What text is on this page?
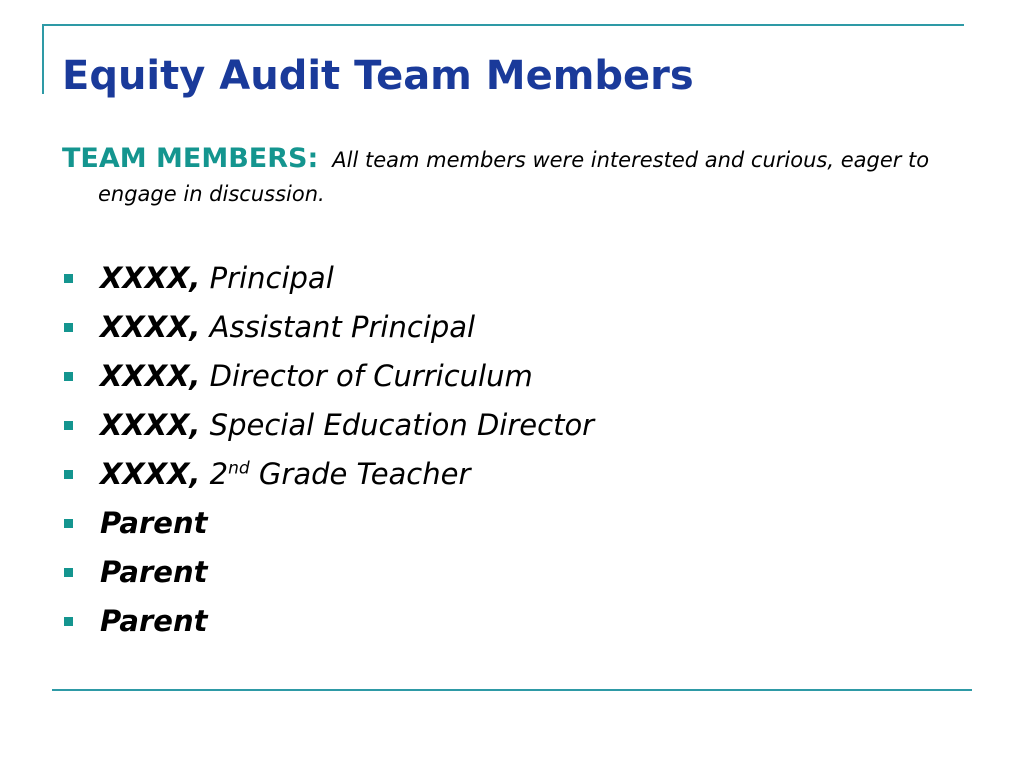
Equity Audit Team Members

TEAM MEMBERS: All team members were interested and curious, eager to engage in discussion.

XXXX, Principal
XXXX, Assistant Principal
XXXX, Director of Curriculum
XXXX, Special Education Director
XXXX, 2nd Grade Teacher
Parent
Parent
Parent
